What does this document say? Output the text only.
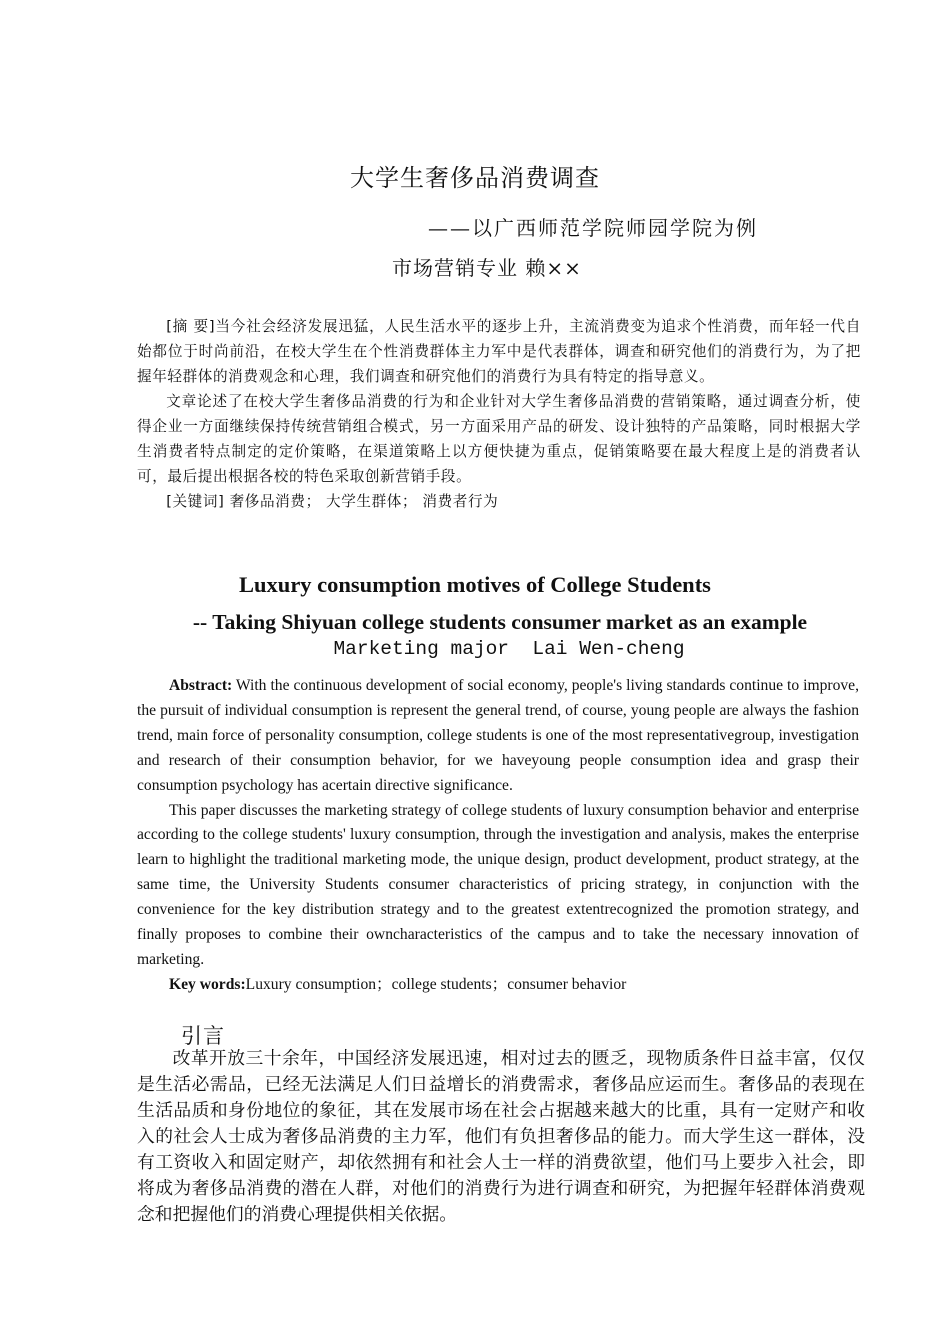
大学生奢侈品消费调查
——以广西师范学院师园学院为例
市场营销专业 赖××

[摘 要]当今社会经济发展迅猛，人民生活水平的逐步上升，主流消费变为追求个性消费，而年轻一代自始都位于时尚前沿，在校大学生在个性消费群体主力军中是代表群体，调查和研究他们的消费行为，为了把握年轻群体的消费观念和心理，我们调查和研究他们的消费行为具有特定的指导意义。

文章论述了在校大学生奢侈品消费的行为和企业针对大学生奢侈品消费的营销策略，通过调查分析，使得企业一方面继续保持传统营销组合模式，另一方面采用产品的研发、设计独特的产品策略，同时根据大学生消费者特点制定的定价策略，在渠道策略上以方便快捷为重点，促销策略要在最大程度上是的消费者认可，最后提出根据各校的特色采取创新营销手段。

[关键词] 奢侈品消费； 大学生群体； 消费者行为

Luxury consumption motives of College Students
-- Taking Shiyuan college students consumer market as an example
Marketing major  Lai Wen-cheng

Abstract: With the continuous development of social economy, people's living standards continue to improve, the pursuit of individual consumption is represent the general trend, of course, young people are always the fashion trend, main force of personality consumption, college students is one of the most representativegroup, investigation and research of their consumption behavior, for we haveyoung people consumption idea and grasp their consumption psychology has acertain directive significance.

This paper discusses the marketing strategy of college students of luxury consumption behavior and enterprise according to the college students' luxury consumption, through the investigation and analysis, makes the enterprise learn to highlight the traditional marketing mode, the unique design, product development, product strategy, at the same time, the University Students consumer characteristics of pricing strategy, in conjunction with the convenience for the key distribution strategy and to the greatest extentrecognized the promotion strategy, and finally proposes to combine their owncharacteristics of the campus and to take the necessary innovation of marketing.

Key words:Luxury consumption；college students；consumer behavior

引言

改革开放三十余年，中国经济发展迅速，相对过去的匮乏，现物质条件日益丰富，仅仅是生活必需品，已经无法满足人们日益增长的消费需求，奢侈品应运而生。奢侈品的表现在生活品质和身份地位的象征，其在发展市场在社会占据越来越大的比重，具有一定财产和收入的社会人士成为奢侈品消费的主力军，他们有负担奢侈品的能力。而大学生这一群体，没有工资收入和固定财产，却依然拥有和社会人士一样的消费欲望，他们马上要步入社会，即将成为奢侈品消费的潜在人群，对他们的消费行为进行调查和研究，为把握年轻群体消费观念和把握他们的消费心理提供相关依据。
